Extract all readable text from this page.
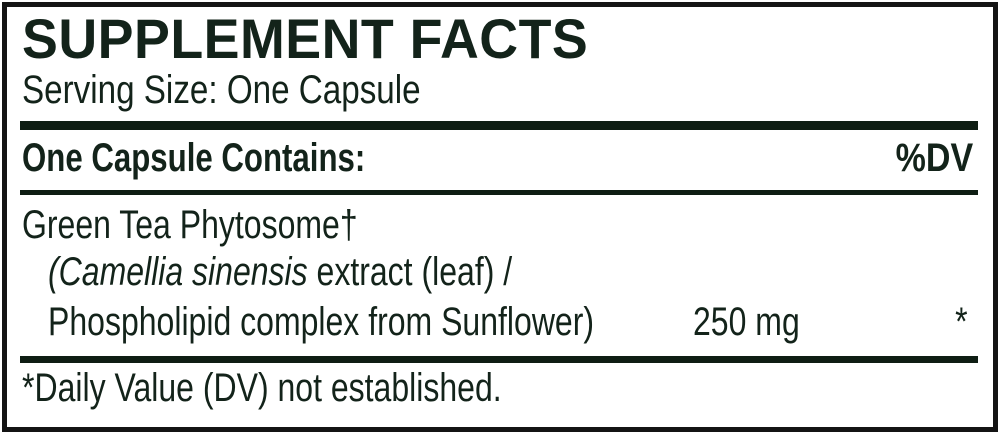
SUPPLEMENT FACTS
Serving Size: One Capsule
One Capsule Contains:	%DV
Green Tea Phytosome†
(Camellia sinensis extract (leaf) /
Phospholipid complex from Sunflower)	250 mg	*
*Daily Value (DV) not established.
